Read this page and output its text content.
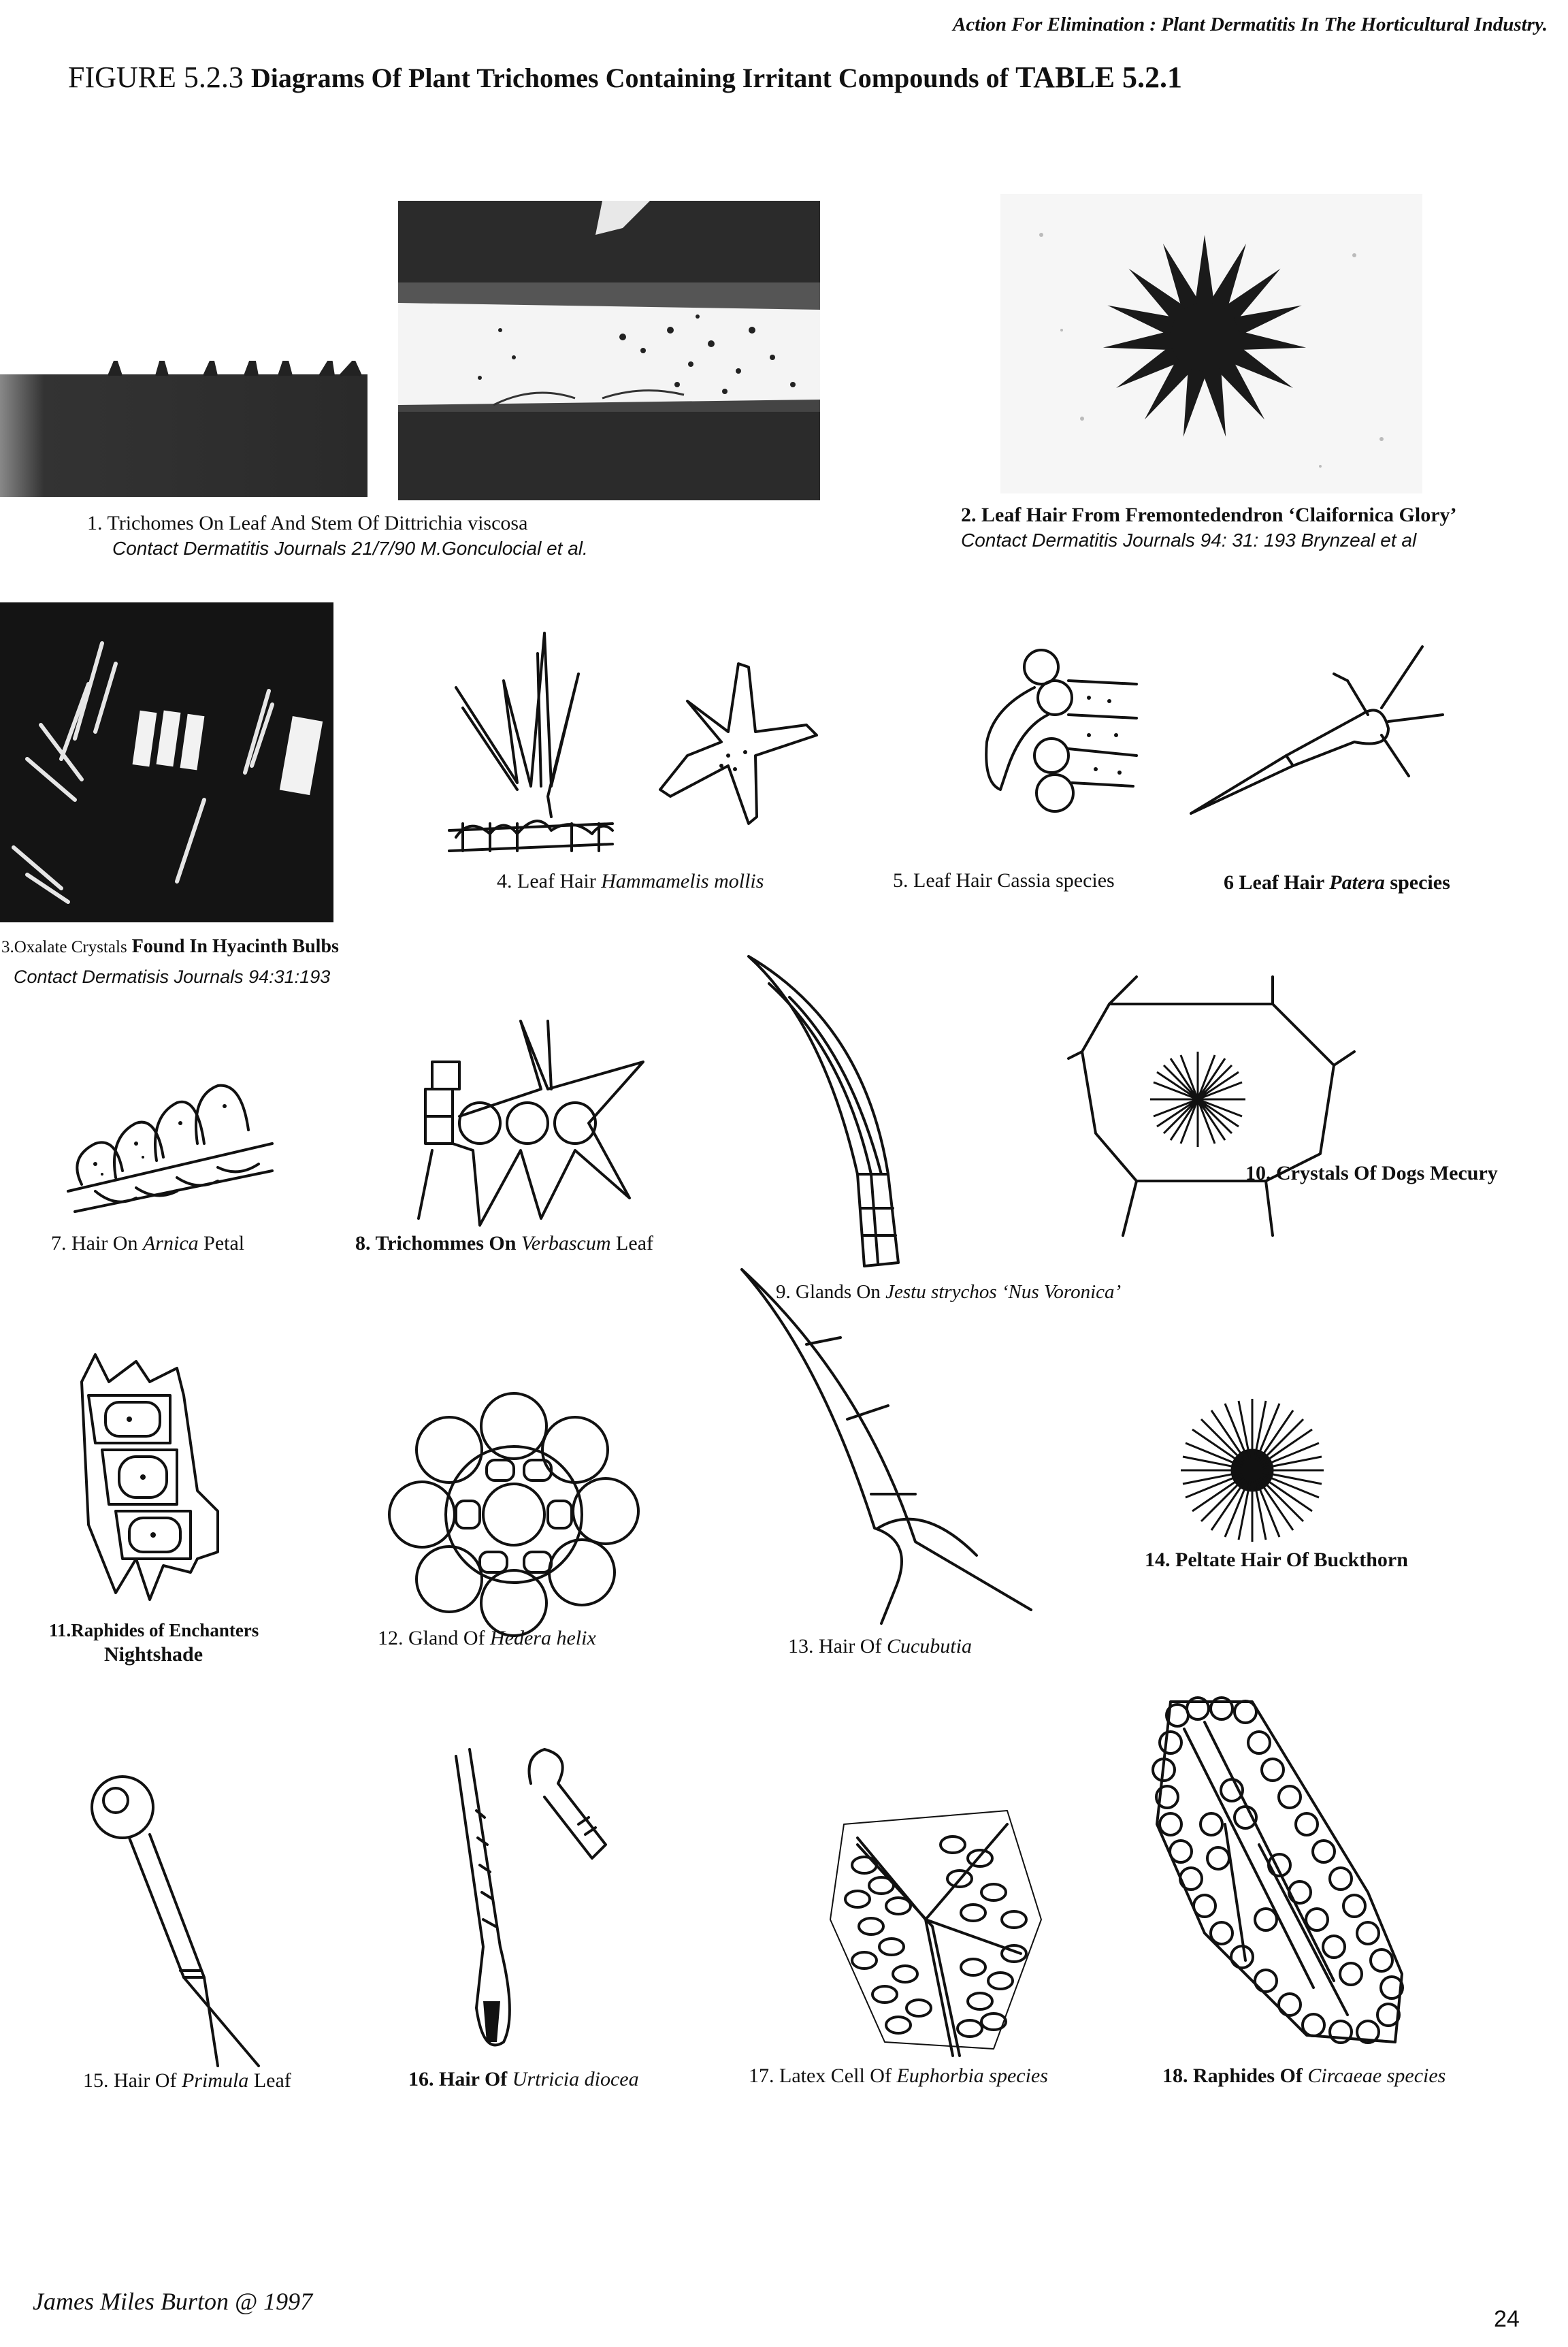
Action For Elimination : Plant Dermatitis In The Horticultural Industry.
FIGURE 5.2.3 Diagrams Of Plant Trichomes Containing Irritant Compounds of TABLE 5.2.1
1. Trichomes On Leaf And Stem Of Dittrichia viscosa
Contact Dermatitis Journals 21/7/90 M.Gonculocial et al.
2. Leaf Hair From Fremontedendron ‘Claifornica Glory’
Contact Dermatitis Journals 94: 31: 193 Brynzeal et al
3.Oxalate Crystals Found In Hyacinth Bulbs
Contact Dermatisis Journals 94:31:193
4. Leaf Hair Hammamelis mollis	5. Leaf Hair Cassia species	6 Leaf Hair Patera species
7. Hair On Arnica Petal	8. Trichommes On Verbascum Leaf
9. Glands On Jestu strychos ‘Nus Voronica’
10. Crystals Of Dogs Mecury
11.Raphides of Enchanters
Nightshade
12. Gland Of Hedera helix	13. Hair Of Cucubutia
14. Peltate Hair Of Buckthorn
15. Hair Of Primula Leaf	16. Hair Of Urtricia diocea	17. Latex Cell Of Euphorbia species	18. Raphides Of Circaeae species
James Miles Burton @ 1997
24
